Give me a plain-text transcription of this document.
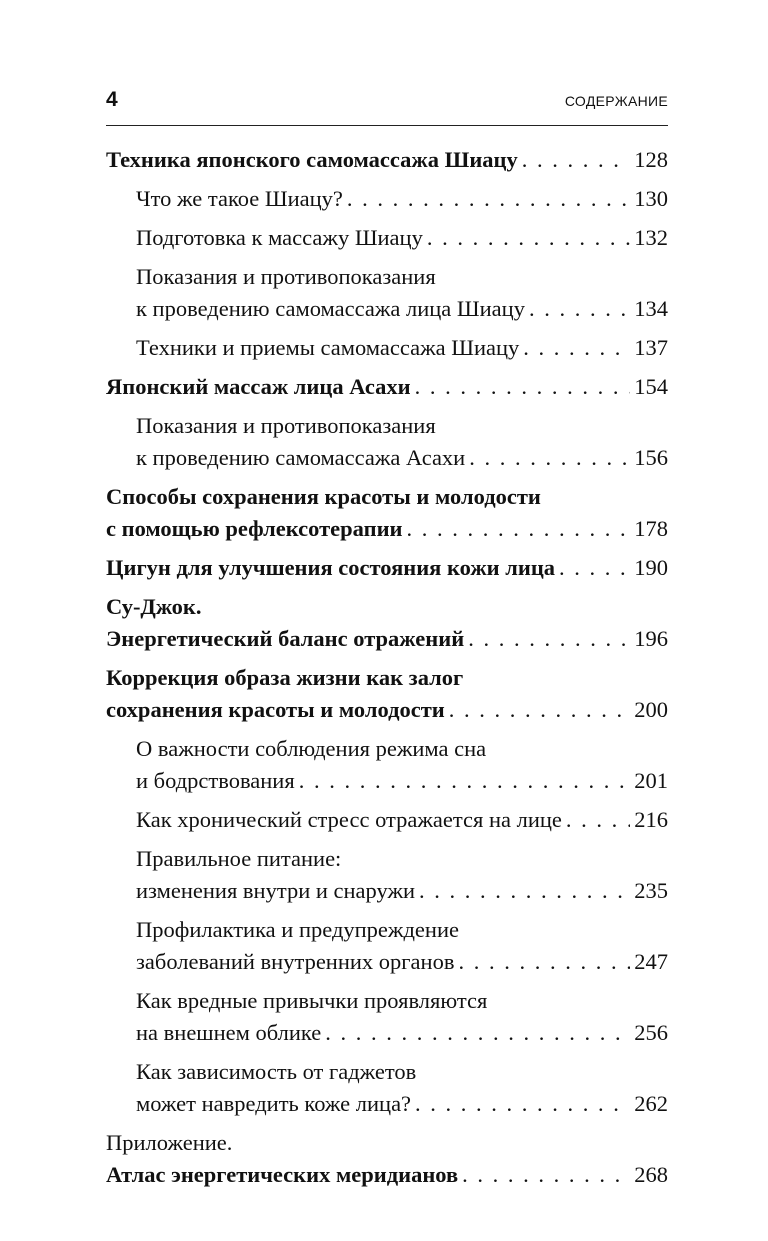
4	СОДЕРЖАНИЕ
Техника японского самомассажа Шиацу . . .	128
Что же такое Шиацу? . . .	130
Подготовка к массажу Шиацу . . .	132
Показания и противопоказания
к проведению самомассажа лица Шиацу . . .	134
Техники и приемы самомассажа Шиацу . . .	137
Японский массаж лица Асахи . . .	154
Показания и противопоказания
к проведению самомассажа Асахи . . .	156
Способы сохранения красоты и молодости
с помощью рефлексотерапии . . .	178
Цигун для улучшения состояния кожи лица . . .	190
Су-Джок.
Энергетический баланс отражений . . .	196
Коррекция образа жизни как залог
сохранения красоты и молодости . . .	200
О важности соблюдения режима сна
и бодрствования . . .	201
Как хронический стресс отражается на лице . . .	216
Правильное питание:
изменения внутри и снаружи . . .	235
Профилактика и предупреждение
заболеваний внутренних органов . . .	247
Как вредные привычки проявляются
на внешнем облике . . .	256
Как зависимость от гаджетов
может навредить коже лица? . . .	262
Приложение.
Атлас энергетических меридианов . . .	268
